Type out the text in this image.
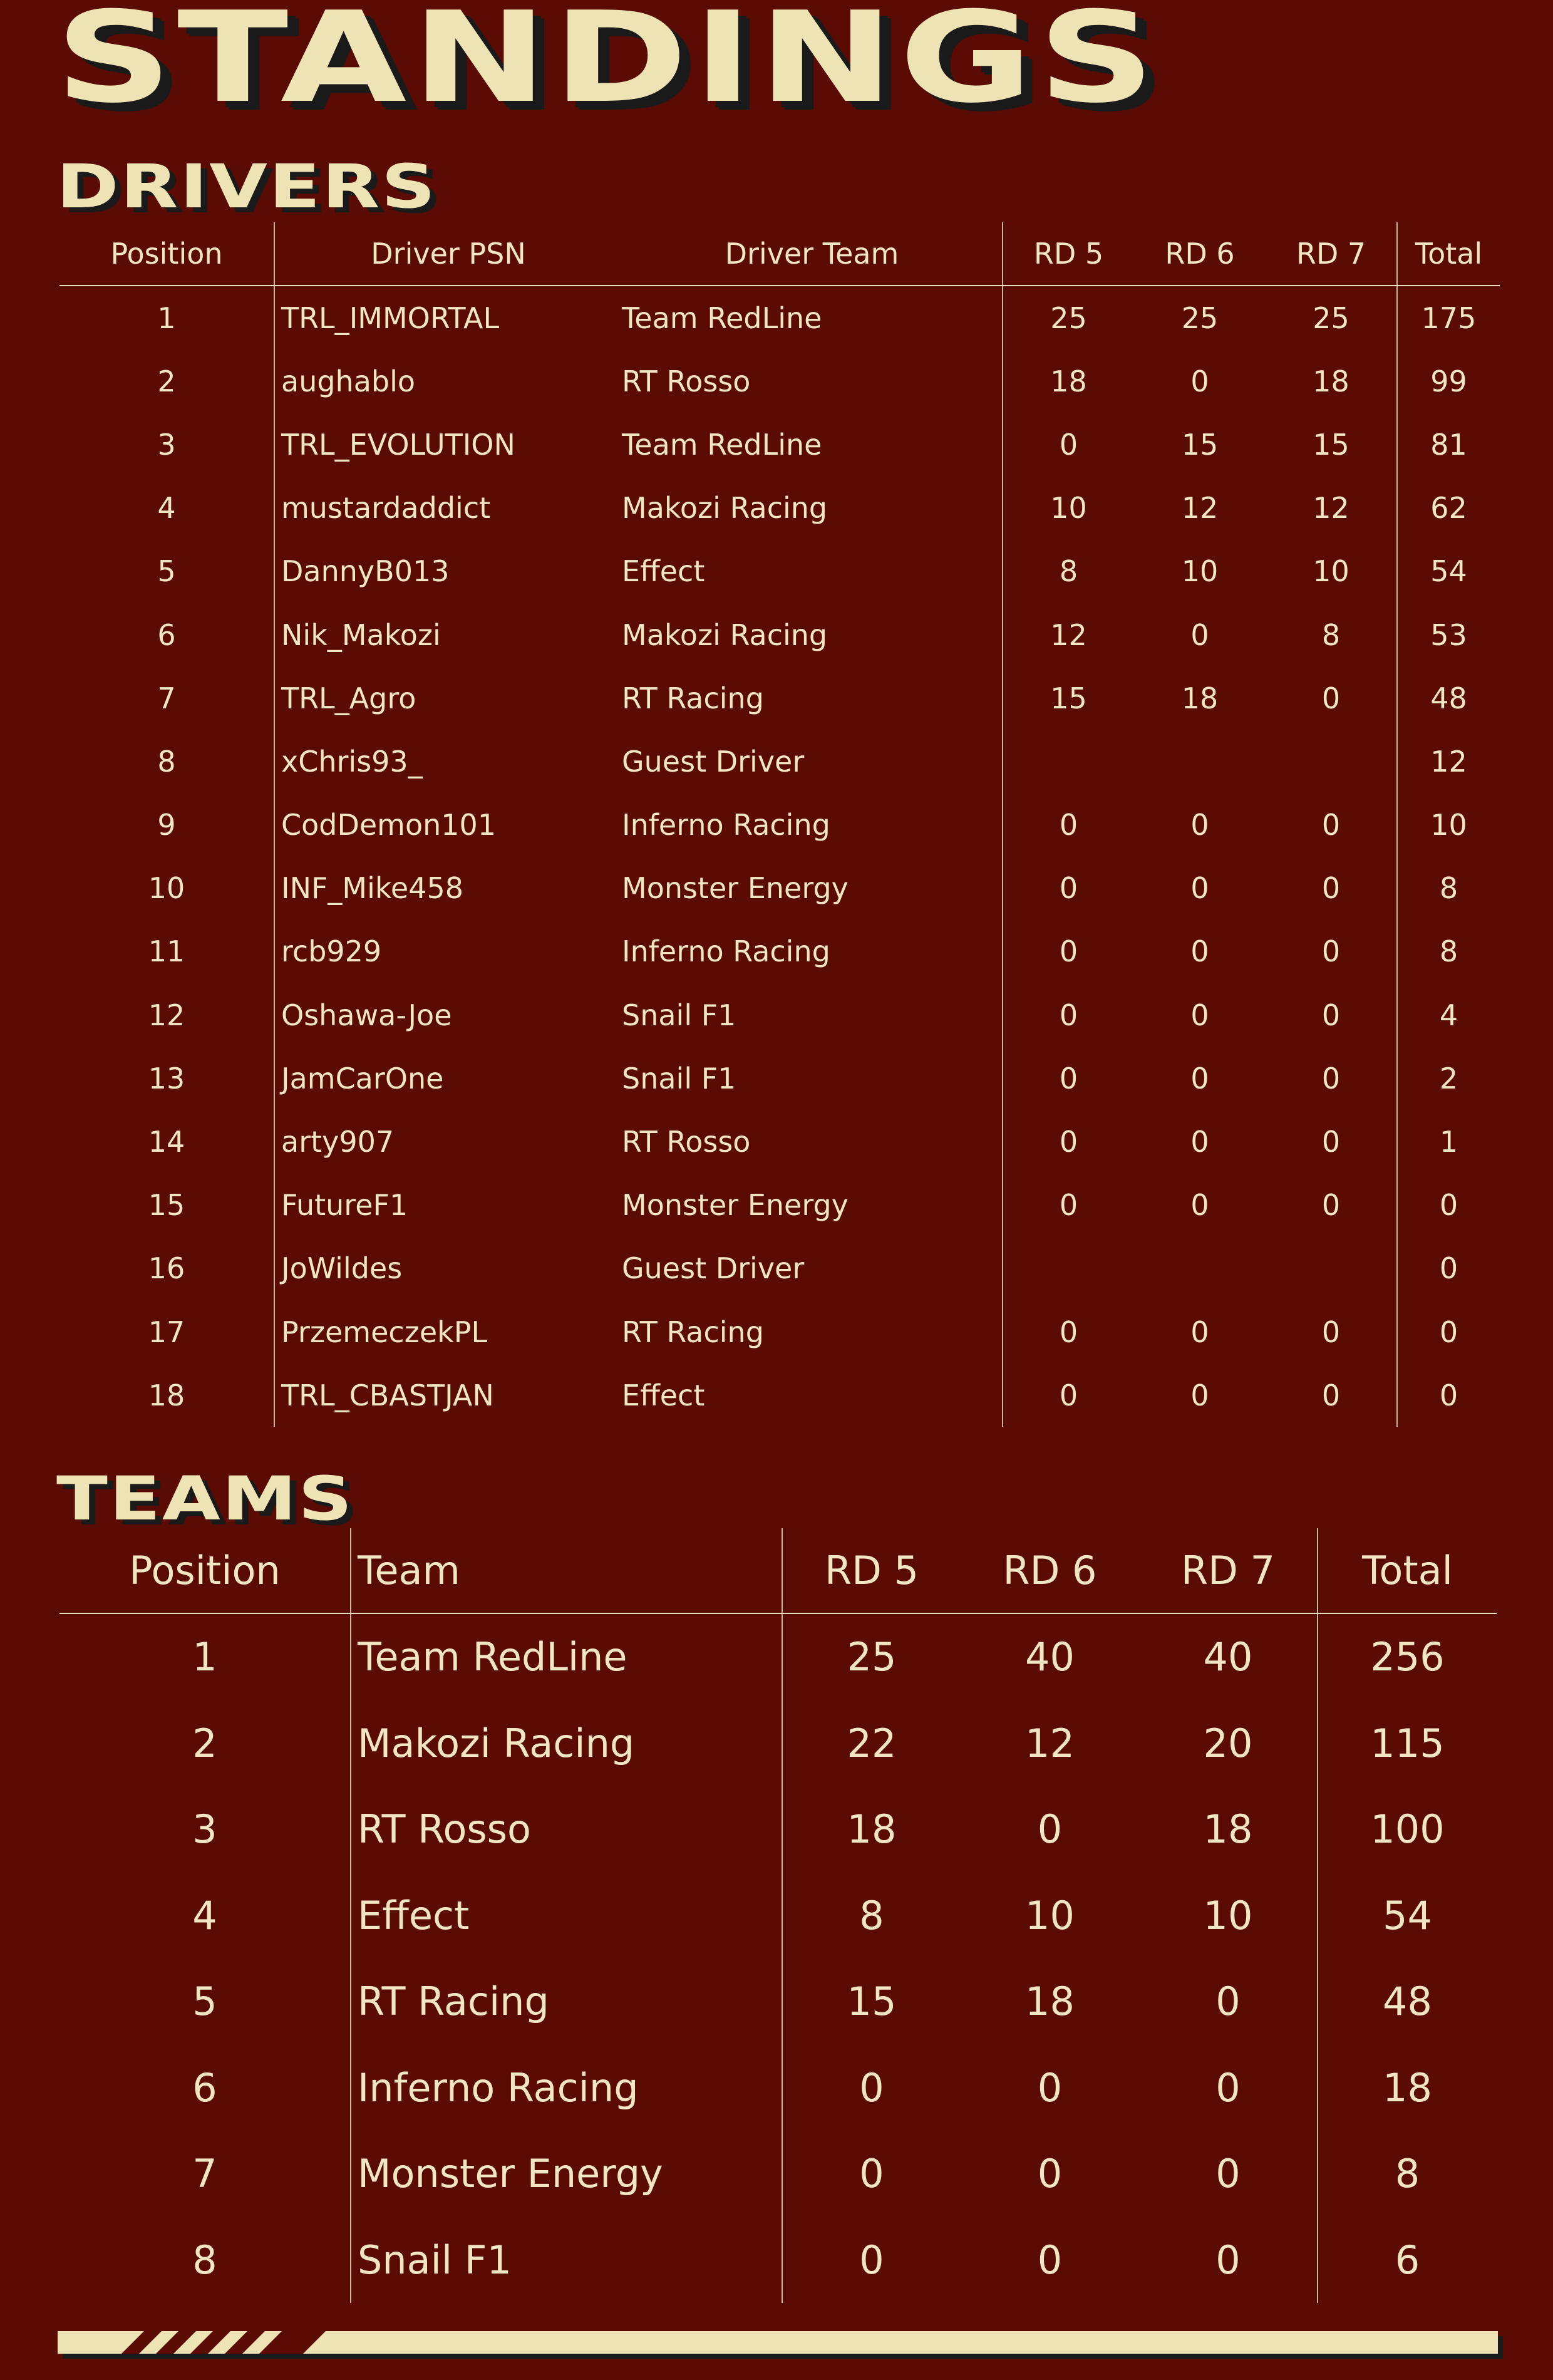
STANDINGS
DRIVERS
Position	Driver PSN	Driver Team	RD 5	RD 6	RD 7	Total
1	TRL_IMMORTAL	Team RedLine	25	25	25	175
2	aughablo	RT Rosso	18	0	18	99
3	TRL_EVOLUTION	Team RedLine	0	15	15	81
4	mustardaddict	Makozi Racing	10	12	12	62
5	DannyB013	Effect	8	10	10	54
6	Nik_Makozi	Makozi Racing	12	0	8	53
7	TRL_Agro	RT Racing	15	18	0	48
8	xChris93_	Guest Driver				12
9	CodDemon101	Inferno Racing	0	0	0	10
10	INF_Mike458	Monster Energy	0	0	0	8
11	rcb929	Inferno Racing	0	0	0	8
12	Oshawa-Joe	Snail F1	0	0	0	4
13	JamCarOne	Snail F1	0	0	0	2
14	arty907	RT Rosso	0	0	0	1
15	FutureF1	Monster Energy	0	0	0	0
16	JoWildes	Guest Driver				0
17	PrzemeczekPL	RT Racing	0	0	0	0
18	TRL_CBASTJAN	Effect	0	0	0	0
TEAMS
Position	Team	RD 5	RD 6	RD 7	Total
1	Team RedLine	25	40	40	256
2	Makozi Racing	22	12	20	115
3	RT Rosso	18	0	18	100
4	Effect	8	10	10	54
5	RT Racing	15	18	0	48
6	Inferno Racing	0	0	0	18
7	Monster Energy	0	0	0	8
8	Snail F1	0	0	0	6
